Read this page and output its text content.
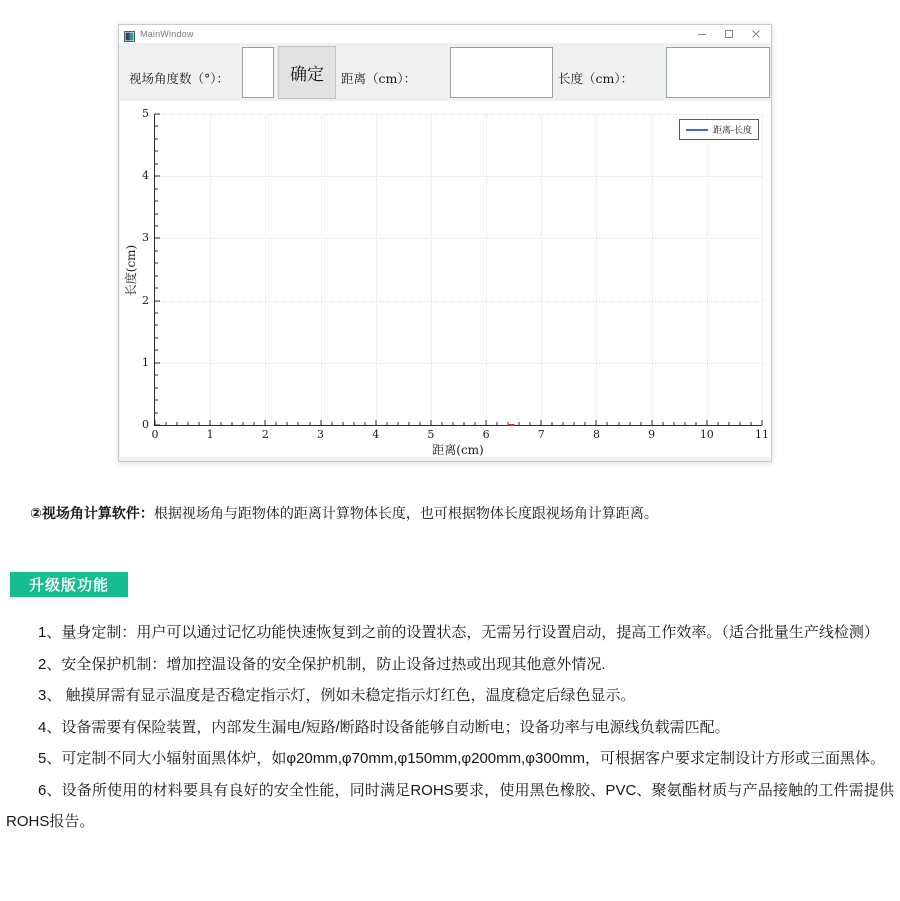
MainWindow
视场角度数（°）：	确定	距离（cm）：	长度（cm）：
长度(cm)
距离-长度
0	1	2	3	4	5	6	7	8	9	10	11
0
1
2
3
4
5
距离(cm)
②视场角计算软件：根据视场角与距物体的距离计算物体长度，也可根据物体长度跟视场角计算距离。
升级版功能

1、量身定制：用户可以通过记忆功能快速恢复到之前的设置状态，无需另行设置启动，提高工作效率。（适合批量生产线检测）

2、安全保护机制：增加控温设备的安全保护机制，防止设备过热或出现其他意外情况.

3、 触摸屏需有显示温度是否稳定指示灯，例如未稳定指示灯红色，温度稳定后绿色显示。

4、设备需要有保险装置，内部发生漏电/短路/断路时设备能够自动断电；设备功率与电源线负载需匹配。

5、可定制不同大小辐射面黑体炉，如φ20mm,φ70mm,φ150mm,φ200mm,φ300mm，可根据客户要求定制设计方形或三面黑体。

6、设备所使用的材料要具有良好的安全性能，同时满足ROHS要求，使用黑色橡胶、PVC、聚氨酯材质与产品接触的工件需提供ROHS报告。
